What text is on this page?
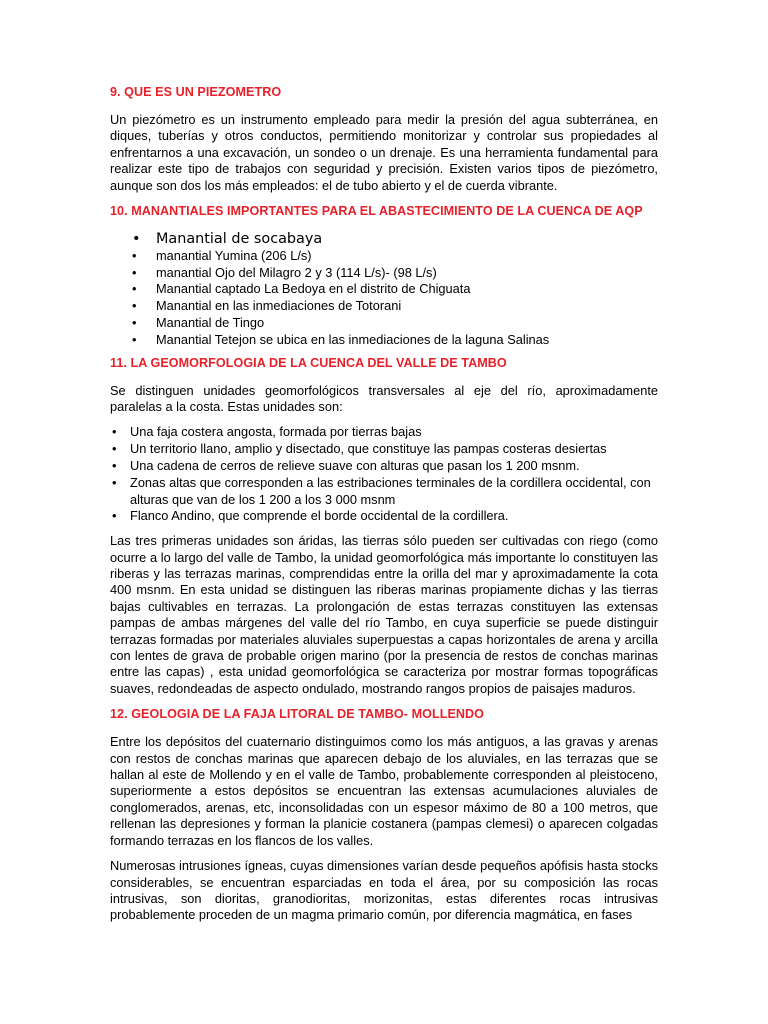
9. QUE ES UN PIEZOMETRO

Un piezómetro es un instrumento empleado para medir la presión del agua subterránea, en diques, tuberías y otros conductos, permitiendo monitorizar y controlar sus propiedades al enfrentarnos a una excavación, un sondeo o un drenaje. Es una herramienta fundamental para realizar este tipo de trabajos con seguridad y precisión. Existen varios tipos de piezómetro, aunque son dos los más empleados: el de tubo abierto y el de cuerda vibrante.

10. MANANTIALES IMPORTANTES PARA EL ABASTECIMIENTO DE LA CUENCA DE AQP
• Manantial de socabaya
• manantial Yumina (206 L/s)
• manantial Ojo del Milagro 2 y 3 (114 L/s)- (98 L/s)
• Manantial captado La Bedoya en el distrito de Chiguata
• Manantial en las inmediaciones de Totorani
• Manantial de Tingo
• Manantial Tetejon se ubica en las inmediaciones de la laguna Salinas
11. LA GEOMORFOLOGIA DE LA CUENCA DEL VALLE DE TAMBO

Se distinguen unidades geomorfológicos transversales al eje del río, aproximadamente paralelas a la costa. Estas unidades son:

• Una faja costera angosta, formada por tierras bajas
• Un territorio llano, amplio y disectado, que constituye las pampas costeras desiertas
• Una cadena de cerros de relieve suave con alturas que pasan los 1 200 msnm.
• Zonas altas que corresponden a las estribaciones terminales de la cordillera occidental, con alturas que van de los 1 200 a los 3 000 msnm
• Flanco Andino, que comprende el borde occidental de la cordillera.

Las tres primeras unidades son áridas, las tierras sólo pueden ser cultivadas con riego (como ocurre a lo largo del valle de Tambo, la unidad geomorfológica más importante lo constituyen las riberas y las terrazas marinas, comprendidas entre la orilla del mar y aproximadamente la cota 400 msnm. En esta unidad se distinguen las riberas marinas propiamente dichas y las tierras bajas cultivables en terrazas. La prolongación de estas terrazas constituyen las extensas pampas de ambas márgenes del valle del río Tambo, en cuya superficie se puede distinguir terrazas formadas por materiales aluviales superpuestas a capas horizontales de arena y arcilla con lentes de grava de probable origen marino (por la presencia de restos de conchas marinas entre las capas) , esta unidad geomorfológica se caracteriza por mostrar formas topográficas suaves, redondeadas de aspecto ondulado, mostrando rangos propios de paisajes maduros.

12. GEOLOGIA DE LA FAJA LITORAL DE TAMBO- MOLLENDO

Entre los depósitos del cuaternario distinguimos como los más antiguos, a las gravas y arenas con restos de conchas marinas que aparecen debajo de los aluviales, en las terrazas que se hallan al este de Mollendo y en el valle de Tambo, probablemente corresponden al pleistoceno, superiormente a estos depósitos se encuentran las extensas acumulaciones aluviales de conglomerados, arenas, etc, inconsolidadas con un espesor máximo de 80 a 100 metros, que rellenan las depresiones y forman la planicie costanera (pampas clemesi) o aparecen colgadas formando terrazas en los flancos de los valles.

Numerosas intrusiones ígneas, cuyas dimensiones varían desde pequeños apófisis hasta stocks considerables, se encuentran esparciadas en toda el área, por su composición las rocas intrusivas, son dioritas, granodioritas, morizonitas, estas diferentes rocas intrusivas probablemente proceden de un magma primario común, por diferencia magmática, en fases
